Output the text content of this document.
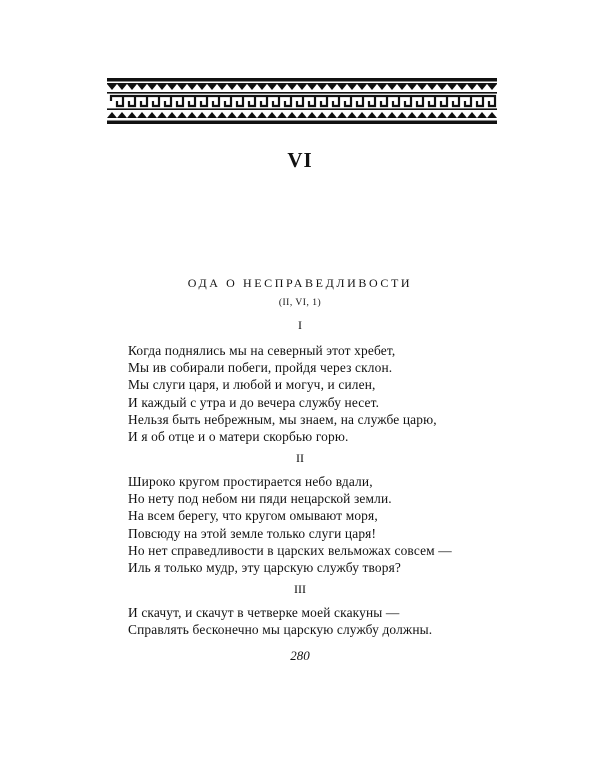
VI
ОДА О НЕСПРАВЕДЛИВОСТИ
(II, VI, 1)
I
Когда поднялись мы на северный этот хребет,
Мы ив собирали побеги, пройдя через склон.
Мы слуги царя, и любой и могуч, и силен,
И каждый с утра и до вечера службу несет.
Нельзя быть небрежным, мы знаем, на службе царю,
И я об отце и о матери скорбью горю.
II
Широко кругом простирается небо вдали,
Но нету под небом ни пяди нецарской земли.
На всем берегу, что кругом омывают моря,
Повсюду на этой земле только слуги царя!
Но нет справедливости в царских вельможах совсем —
Иль я только мудр, эту царскую службу творя?
III
И скачут, и скачут в четверке моей скакуны —
Справлять бесконечно мы царскую службу должны.
280
